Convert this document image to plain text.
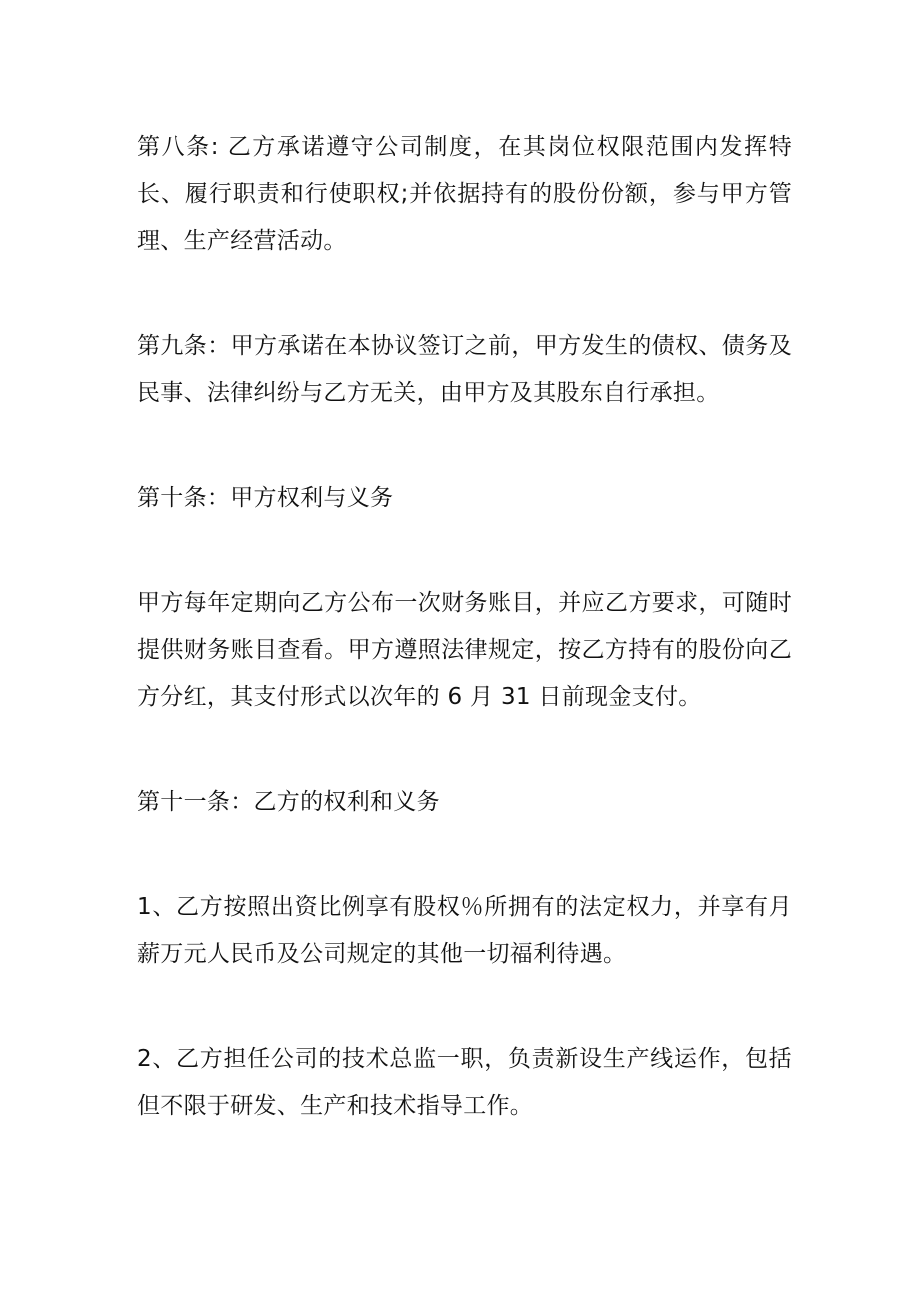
第八条: 乙方承诺遵守公司制度，在其岗位权限范围内发挥特长、履行职责和行使职权;并依据持有的股份份额，参与甲方管理、生产经营活动。

第九条：甲方承诺在本协议签订之前，甲方发生的债权、债务及民事、法律纠纷与乙方无关，由甲方及其股东自行承担。

第十条：甲方权利与义务

甲方每年定期向乙方公布一次财务账目，并应乙方要求，可随时提供财务账目查看。甲方遵照法律规定，按乙方持有的股份向乙方分红，其支付形式以次年的 6 月 31 日前现金支付。

第十一条：乙方的权利和义务

1、乙方按照出资比例享有股权％所拥有的法定权力，并享有月薪万元人民币及公司规定的其他一切福利待遇。

2、乙方担任公司的技术总监一职，负责新设生产线运作，包括但不限于研发、生产和技术指导工作。
